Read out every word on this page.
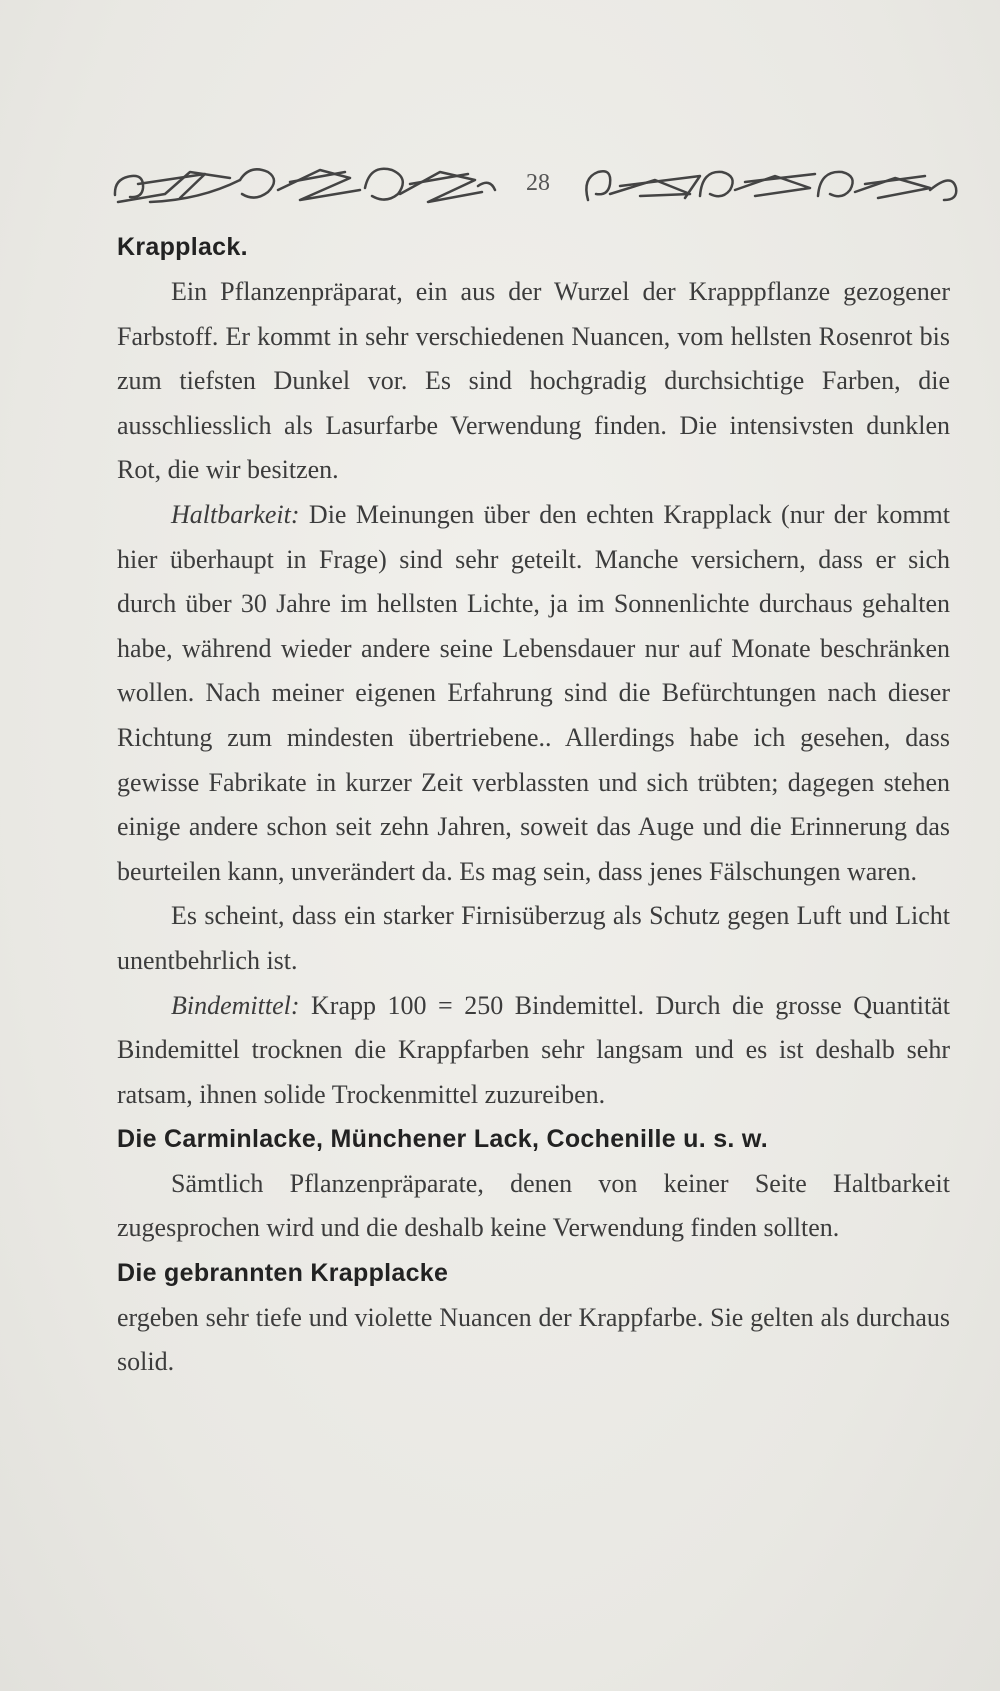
28
Krapplack.

Ein Pflanzenpräparat, ein aus der Wurzel der Krapppflanze gezogener Farbstoff. Er kommt in sehr verschiedenen Nuancen, vom hellsten Rosenrot bis zum tiefsten Dunkel vor. Es sind hochgradig durchsichtige Farben, die ausschliesslich als Lasurfarbe Verwendung finden. Die intensivsten dunklen Rot, die wir besitzen.

Haltbarkeit: Die Meinungen über den echten Krapplack (nur der kommt hier überhaupt in Frage) sind sehr geteilt. Manche versichern, dass er sich durch über 30 Jahre im hellsten Lichte, ja im Sonnenlichte durchaus gehalten habe, während wieder andere seine Lebensdauer nur auf Monate beschränken wollen. Nach meiner eigenen Erfahrung sind die Befürchtungen nach dieser Richtung zum mindesten übertriebene.. Allerdings habe ich gesehen, dass gewisse Fabrikate in kurzer Zeit verblassten und sich trübten; dagegen stehen einige andere schon seit zehn Jahren, soweit das Auge und die Erinnerung das beurteilen kann, unverändert da. Es mag sein, dass jenes Fälschungen waren.

Es scheint, dass ein starker Firnisüberzug als Schutz gegen Luft und Licht unentbehrlich ist.

Bindemittel: Krapp 100 = 250 Bindemittel. Durch die grosse Quantität Bindemittel trocknen die Krappfarben sehr langsam und es ist deshalb sehr ratsam, ihnen solide Trockenmittel zuzureiben.

Die Carminlacke, Münchener Lack, Cochenille u. s. w.

Sämtlich Pflanzenpräparate, denen von keiner Seite Haltbarkeit zugesprochen wird und die deshalb keine Verwendung finden sollten.

Die gebrannten Krapplacke

ergeben sehr tiefe und violette Nuancen der Krappfarbe. Sie gelten als durchaus solid.
